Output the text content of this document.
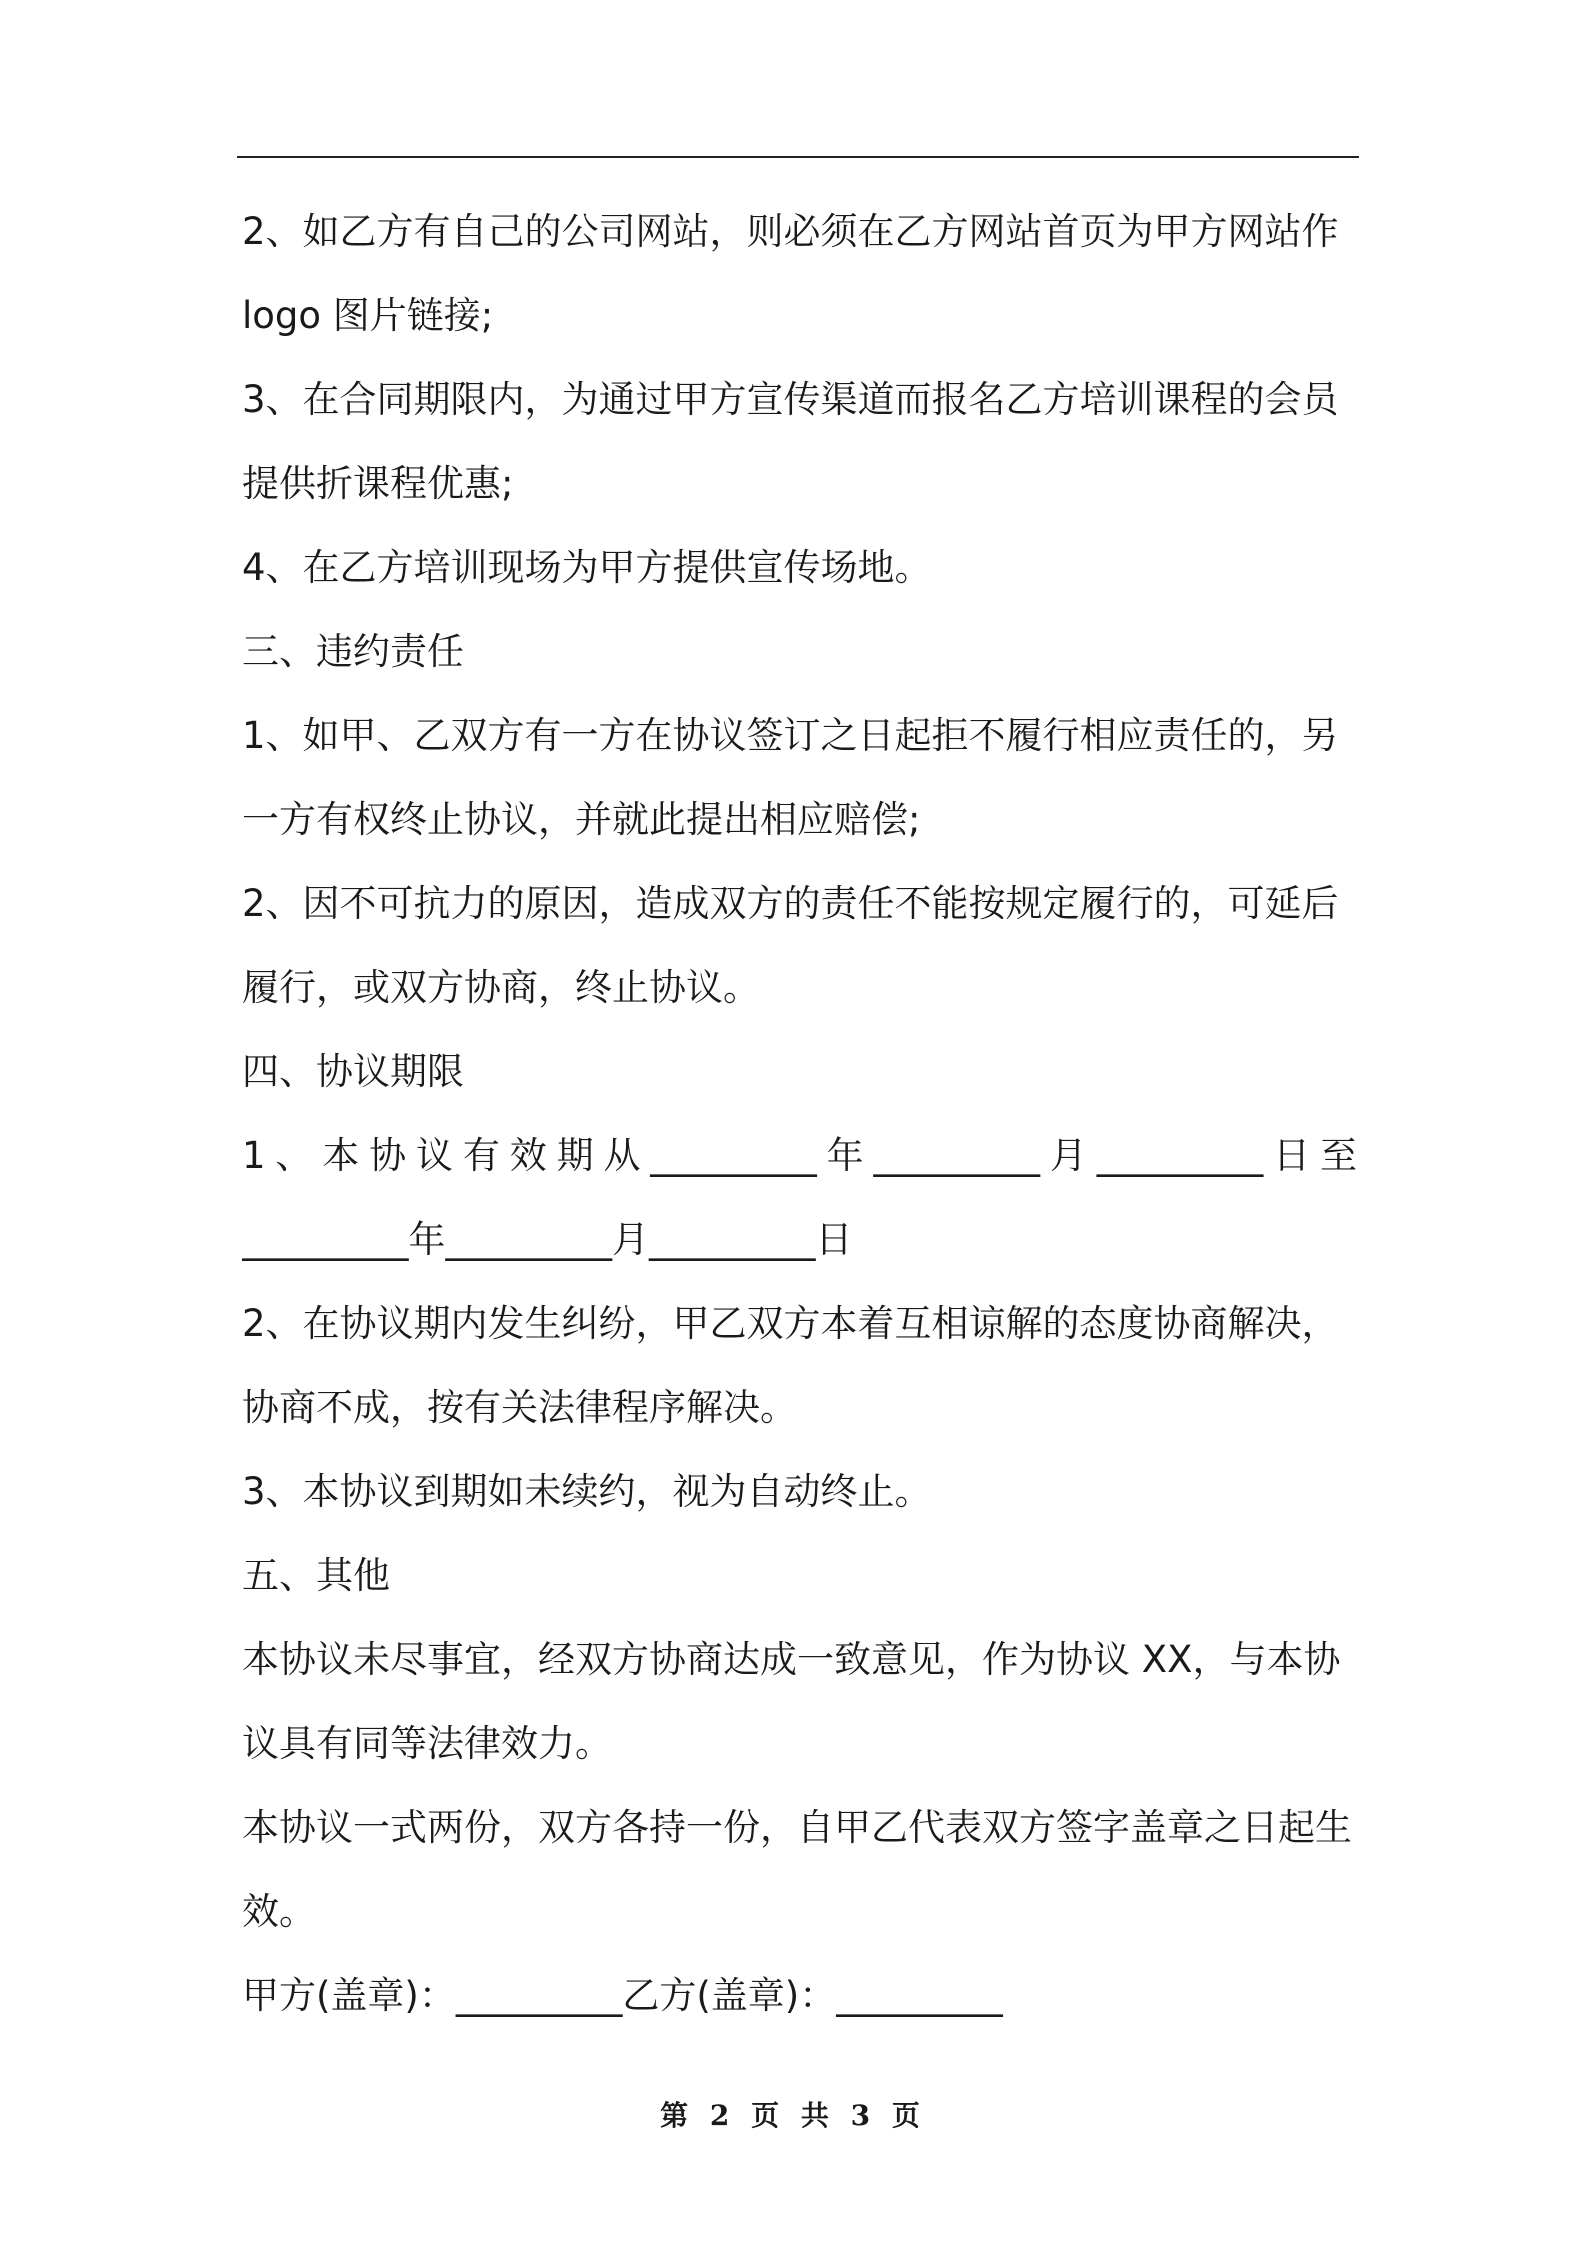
2、如乙方有自己的公司网站，则必须在乙方网站首页为甲方网站作
logo 图片链接;
3、在合同期限内，为通过甲方宣传渠道而报名乙方培训课程的会员
提供折课程优惠;
4、在乙方培训现场为甲方提供宣传场地。
三、违约责任
1、如甲、乙双方有一方在协议签订之日起拒不履行相应责任的，另
一方有权终止协议，并就此提出相应赔偿;
2、因不可抗力的原因，造成双方的责任不能按规定履行的，可延后
履行，或双方协商，终止协议。
四、协议期限
1、本协议有效期从_________年_________月_________日至
_________年_________月_________日
2、在协议期内发生纠纷，甲乙双方本着互相谅解的态度协商解决，
协商不成，按有关法律程序解决。
3、本协议到期如未续约，视为自动终止。
五、其他
本协议未尽事宜，经双方协商达成一致意见，作为协议 XX，与本协
议具有同等法律效力。
本协议一式两份，双方各持一份，自甲乙代表双方签字盖章之日起生
效。
甲方(盖章)：_________乙方(盖章)：_________
第 2 页 共 3 页
